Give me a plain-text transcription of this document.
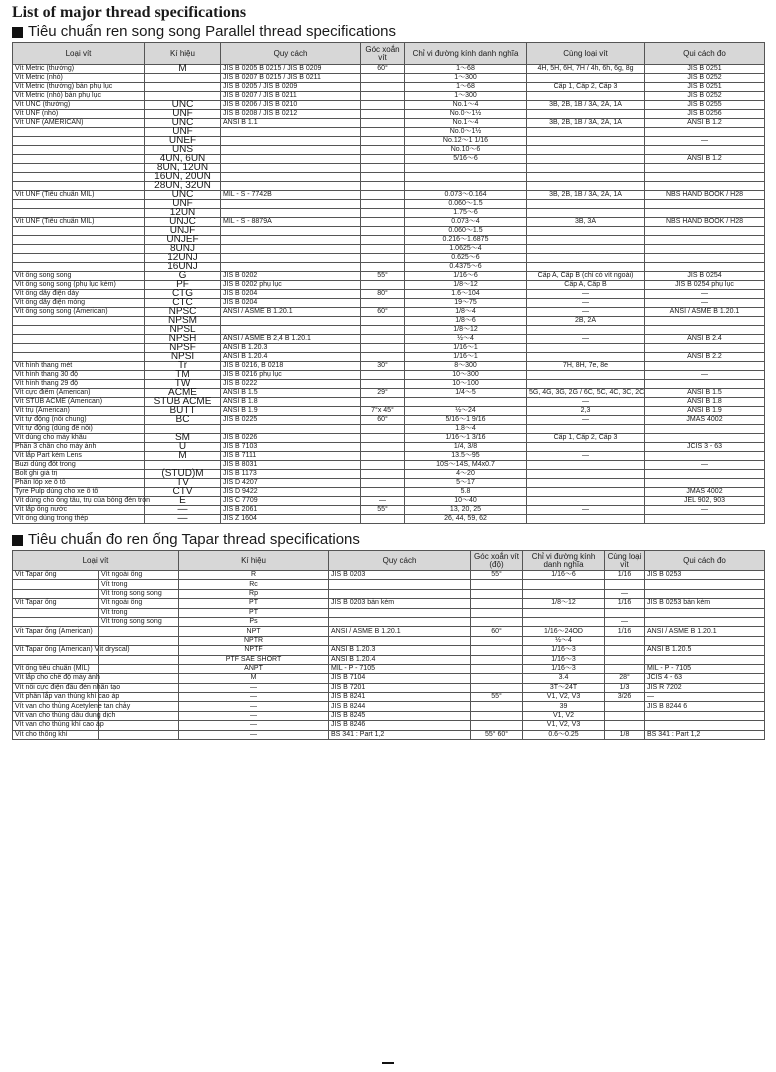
List of major thread specifications
Tiêu chuẩn ren song song Parallel thread specifications
Loại vít	Kí hiệu	Quy cách	Góc xoắn vít	Chỉ vi đường kính danh nghĩa	Cùng loại vít	Qui cách đo
Vít Metric (thường)	M	JIS B 0205 B 0215 / JIS B 0209	60°	1～68	4H, 5H, 6H, 7H / 4h, 6h, 6g, 8g	JIS B 0251
Vít Metric (nhỏ)		JIS B 0207 B 0215 / JIS B 0211		1～300		JIS B 0252
Vít Metric (thường) bản phụ lục		JIS B 0205 / JIS B 0209		1～68	Cấp 1, Cấp 2, Cấp 3	JIS B 0251
Vít Metric (nhỏ) bản phụ lục		JIS B 0207 / JIS B 0211		1～300		JIS B 0252
Vít UNC (thường)	UNC	JIS B 0206 / JIS B 0210		No.1～4	3B, 2B, 1B / 3A, 2A, 1A	JIS B 0255
Vít UNF (nhỏ)	UNF	JIS B 0208 / JIS B 0212		No.0～1½		JIS B 0256
Vít UNF (AMERICAN)	UNC	ANSI B 1.1		No.1～4	3B, 2B, 1B / 3A, 2A, 1A	ANSI B 1.2
	UNF			No.0～1½		
	UNEF			No.12～1 1/16		—
	UNS			No.10～6		
	4UN, 6UN			5/16～6		ANSI B 1.2
	8UN, 12UN					
	16UN, 20UN					
	28UN, 32UN					
Vít UNF (Tiêu chuẩn MIL)	UNC	MIL - S - 7742B		0.073～0.164	3B, 2B, 1B / 3A, 2A, 1A	NBS HAND BOOK / H28
	UNF			0.060～1.5		
	12UN			1.75～6		
Vít UNF (Tiêu chuẩn MIL)	UNJC	MIL - S - 8879A		0.073～4	3B, 3A	NBS HAND BOOK / H28
	UNJF			0.060～1.5		
	UNJEF			0.216～1.6875		
	8UNJ			1.0625～4		
	12UNJ			0.625～6		
	16UNJ			0.4375～6		
Vít ống song song	G	JIS B 0202	55°	1/16～6	Cấp A, Cấp B (chỉ có vít ngoài)	JIS B 0254
Vít ống song song (phụ lục kèm)	PF	JIS B 0202 phụ lục		1/8～12	Cấp A, Cấp B	JIS B 0254 phụ lục
Vít ống dây điện dày	CTG	JIS B 0204	80°	1.6～104	—	—
Vít ống dây điện mỏng	CTC	JIS B 0204		19～75	—	—
Vít ống song song (American)	NPSC	ANSI / ASME B 1.20.1	60°	1/8～4	—	ANSI / ASME B 1.20.1
	NPSM			1/8～6	2B, 2A	
	NPSL			1/8～12		
	NPSH	ANSI / ASME B 2,4 B 1.20.1		½～4	—	ANSI B 2.4
	NPSF	ANSI B 1.20.3		1/16～1		
	NPSI	ANSI B 1.20.4		1/16～1		ANSI B 2.2
Vít hình thang mét	Tr	JIS B 0216, B 0218	30°	8～300	7H, 8H, 7e, 8e	
Vít hình thang 30 độ	TM	JIS B 0216 phụ lục		10～300		—
Vít hình thang 29 độ	TW	JIS B 0222		10～100		
Vít cực điểm (American)	ACME	ANSI B 1.5	29°	1/4～5	5G, 4G, 3G, 2G / 6C, 5C, 4C, 3C, 2C	ANSI B 1.5
Vít STUB ACME (American)	STUB ACME	ANSI B 1.8			—	ANSI B 1.8
Vít trụ (American)	BUTT	ANSI B 1.9	7°x 45°	½～24	2,3	ANSI B 1.9
Vít tự động (nối chung)	BC	JIS B 0225	60°	5/16～1 9/16	—	JMAS 4002
Vít tự động (dùng để nối)				1.8～4		
Vít dùng cho máy khâu	SM	JIS B 0226		1/16～1 3/16	Cấp 1, Cấp 2, Cấp 3	
Phần 3 chân cho máy ảnh	U	JIS B 7103		1/4, 3/8		JCIS 3 - 63
Vít lắp Part kèm Lens	M	JIS B 7111		13.5～95	—	
Buzi dùng đốt trong		JIS B 8031		10S～14S, M4x0.7		—
Bolt ghi giá trị	(STUD)M	JIS B 1173		4～20		
Phần lốp xe ô tô	TV	JIS D 4207		5～17		
Tyre Pulp dùng cho xe ô tô	CTV	JIS D 9422		5.8		JMAS 4002
Vít dùng cho ống tầu, trụ của bóng đèn tròn	E	JIS C 7709	—	10～40		JEL 902, 903
Vít lắp ống nước	—	JIS B 2061	55°	13, 20, 25	—	—
Vít ống dùng trong thép	—	JIS Z 1604		26, 44, 59, 62		
Tiêu chuẩn đo ren ống Tapar thread specifications
Loại vít		Kí hiệu	Quy cách	Góc xoắn vít (độ)	Chỉ vi đường kính danh nghĩa	Cùng loại vít	Qui cách đo
Vít Tapar ống	Vít ngoài ống	R	JIS B 0203	55°	1/16～6	1/16	JIS B 0253
	Vít trong	Rc					
	Vít trong song song	Rp				—	
Vít Tapar ống	Vít ngoài ống	PT	JIS B 0203 bản kèm		1/8～12	1/16	JIS B 0253 bản kèm
	Vít trong	PT					
	Vít trong song song	Ps				—	
Vít Tapar ống (American)		NPT	ANSI / ASME B 1.20.1	60°	1/16～24OD	1/16	ANSI / ASME B 1.20.1
		NPTR			½～4		
Vít Tapar ống (American) Vít dryscal)		NPTF	ANSI B 1.20.3		1/16～3		ANSI B 1.20.5
		PTF SAE SHORT	ANSI B 1.20.4		1/16～3		
Vít ống tiêu chuẩn (MIL)		ANPT	MIL - P - 7105		1/16～3		MIL - P - 7105
Vít lắp cho chế độ máy ảnh		M	JIS B 7104		3.4	28°	JCIS 4 - 63
Vít nối cực điện đầu đèn nhân tạo		—	JIS B 7201		3T～24T	1/3	JIS R 7202
Vít phần lắp van thùng khí cao áp		—	JIS B 8241	55°	V1, V2, V3	3/26	—
Vít van cho thùng Acetylene tan chảy		—	JIS B 8244		39		JIS B 8244 6
Vít van cho thùng dầu dung dịch		—	JIS B 8245		V1, V2		
Vít van cho thùng khí cao áp		—	JIS B 8246		V1, V2, V3		
Vít cho thông khí		—	BS 341 : Part 1,2	55° 60°	0.6～0.25	1/8	BS 341 : Part 1,2
